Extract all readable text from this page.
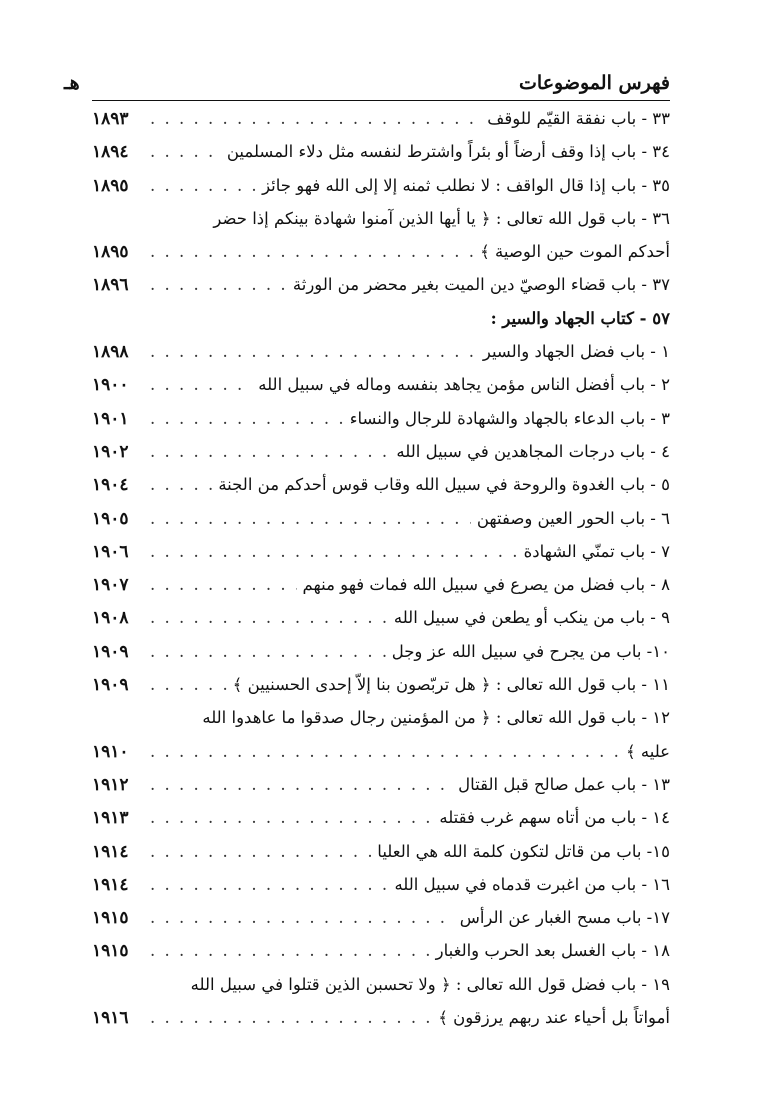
فهرس الموضوعات
هـ
٣٣ - باب نفقة القيّم للوقف
. . .
١٨٩٣
٣٤ - باب إذا وقف أرضاً أو بئراً واشترط لنفسه مثل دلاء المسلمين
. . .
١٨٩٤
٣٥ - باب إذا قال الواقف : لا نطلب ثمنه إلا إلى الله فهو جائز
. . .
١٨٩٥
٣٦ - باب قول الله تعالى : ﴿ يا أيها الذين آمنوا شهادة بينكم إذا حضر
أحدكم الموت حين الوصية ﴾
. . .
١٨٩٥
٣٧ - باب قضاء الوصيّ دين الميت بغير محضر من الورثة
. . .
١٨٩٦
٥٧ - كتاب الجهاد والسير :
١ - باب فضل الجهاد والسير
. . .
١٨٩٨
٢ - باب أفضل الناس مؤمن يجاهد بنفسه وماله في سبيل الله
. . .
١٩٠٠
٣ - باب الدعاء بالجهاد والشهادة للرجال والنساء
. . .
١٩٠١
٤ - باب درجات المجاهدين في سبيل الله
. . .
١٩٠٢
٥ - باب الغدوة والروحة في سبيل الله وقاب قوس أحدكم من الجنة
. . .
١٩٠٤
٦ - باب الحور العين وصفتهن
. . .
١٩٠٥
٧ - باب تمنّي الشهادة
. . .
١٩٠٦
٨ - باب فضل من يصرع في سبيل الله فمات فهو منهم
. . .
١٩٠٧
٩ - باب من ينكب أو يطعن في سبيل الله
. . .
١٩٠٨
١٠- باب من يجرح في سبيل الله عز وجل
. . .
١٩٠٩
١١ - باب قول الله تعالى : ﴿ هل تربّصون بنا إلاّ إحدى الحسنيين ﴾
. . .
١٩٠٩
١٢ - باب قول الله تعالى : ﴿ من المؤمنين رجال صدقوا ما عاهدوا الله
عليه ﴾
. . .
١٩١٠
١٣ - باب عمل صالح قبل القتال
. . .
١٩١٢
١٤ - باب من أتاه سهم غرب فقتله
. . .
١٩١٣
١٥- باب من قاتل لتكون كلمة الله هي العليا
. . .
١٩١٤
١٦ - باب من اغبرت قدماه في سبيل الله
. . .
١٩١٤
١٧- باب مسح الغبار عن الرأس
. . .
١٩١٥
١٨ - باب الغسل بعد الحرب والغبار
. . .
١٩١٥
١٩ - باب فضل قول الله تعالى : ﴿ ولا تحسبن الذين قتلوا في سبيل الله
أمواتاً بل أحياء عند ربهم يرزقون ﴾
. . .
١٩١٦
